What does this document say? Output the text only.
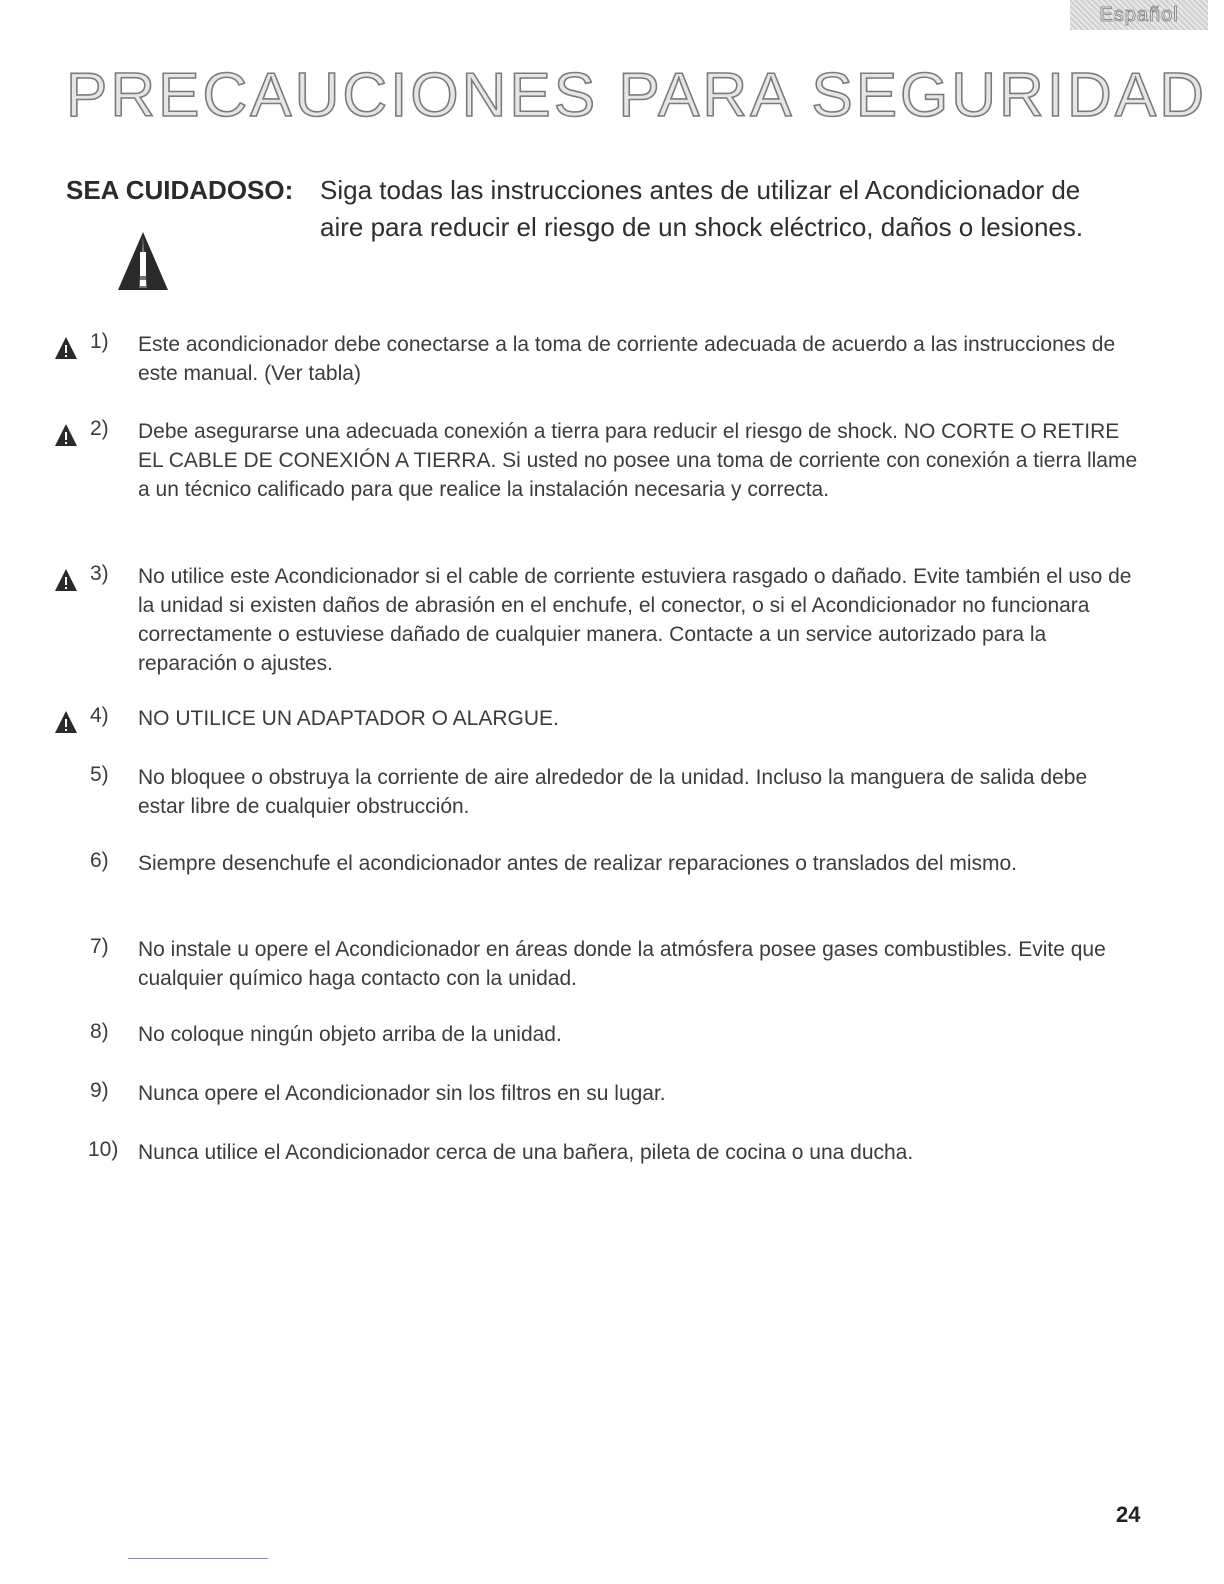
Español
PRECAUCIONES PARA SEGURIDAD
SEA CUIDADOSO: Siga todas las instrucciones antes de utilizar el Acondicionador de aire para reducir el riesgo de un shock eléctrico, daños o lesiones.
1) Este acondicionador debe conectarse a la toma de corriente adecuada de acuerdo a las instrucciones de este manual. (Ver tabla)
2) Debe asegurarse una adecuada conexión a tierra para reducir el riesgo de shock. NO CORTE O RETIRE EL CABLE DE CONEXIÓN A TIERRA. Si usted no posee una toma de corriente con conexión a tierra llame a un técnico calificado para que realice la instalación necesaria y correcta.
3) No utilice este Acondicionador si el cable de corriente estuviera rasgado o dañado. Evite también el uso de la unidad si existen daños de abrasión en el enchufe, el conector, o si el Acondicionador no funcionara correctamente o estuviese dañado de cualquier manera. Contacte a un service autorizado para la reparación o ajustes.
4) NO UTILICE UN ADAPTADOR O ALARGUE.
5) No bloquee o obstruya la corriente de aire alrededor de la unidad. Incluso la manguera de salida debe estar libre de cualquier obstrucción.
6) Siempre desenchufe el acondicionador antes de realizar reparaciones o translados del mismo.
7) No instale u opere el Acondicionador en áreas donde la atmósfera posee gases combustibles. Evite que cualquier químico haga contacto con la unidad.
8) No coloque ningún objeto arriba de la unidad.
9) Nunca opere el Acondicionador sin los filtros en su lugar.
10) Nunca utilice el Acondicionador cerca de una bañera, pileta de cocina o una ducha.
24
